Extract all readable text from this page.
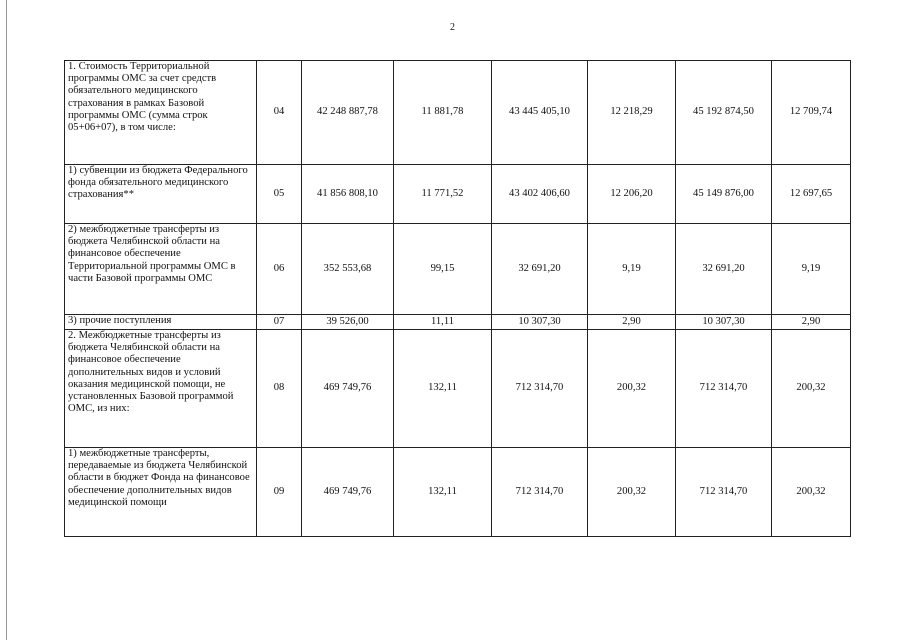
2
1. Стоимость Территориальной программы ОМС за счет средств обязательного медицинского страхования в рамках Базовой программы ОМС (сумма строк 05+06+07), в том числе:	04	42 248 887,78	11 881,78	43 445 405,10	12 218,29	45 192 874,50	12 709,74
1) субвенции из бюджета Федерального фонда обязательного медицинского страхования**	05	41 856 808,10	11 771,52	43 402 406,60	12 206,20	45 149 876,00	12 697,65
2) межбюджетные трансферты из бюджета Челябинской области на финансовое обеспечение Территориальной программы ОМС в части Базовой программы ОМС	06	352 553,68	99,15	32 691,20	9,19	32 691,20	9,19
3) прочие поступления	07	39 526,00	11,11	10 307,30	2,90	10 307,30	2,90
2. Межбюджетные трансферты из бюджета Челябинской области на финансовое обеспечение дополнительных видов и условий оказания медицинской помощи, не установленных Базовой программой ОМС, из них:	08	469 749,76	132,11	712 314,70	200,32	712 314,70	200,32
1) межбюджетные трансферты, передаваемые из бюджета Челябинской области в бюджет Фонда на финансовое обеспечение дополнительных видов медицинской помощи	09	469 749,76	132,11	712 314,70	200,32	712 314,70	200,32
